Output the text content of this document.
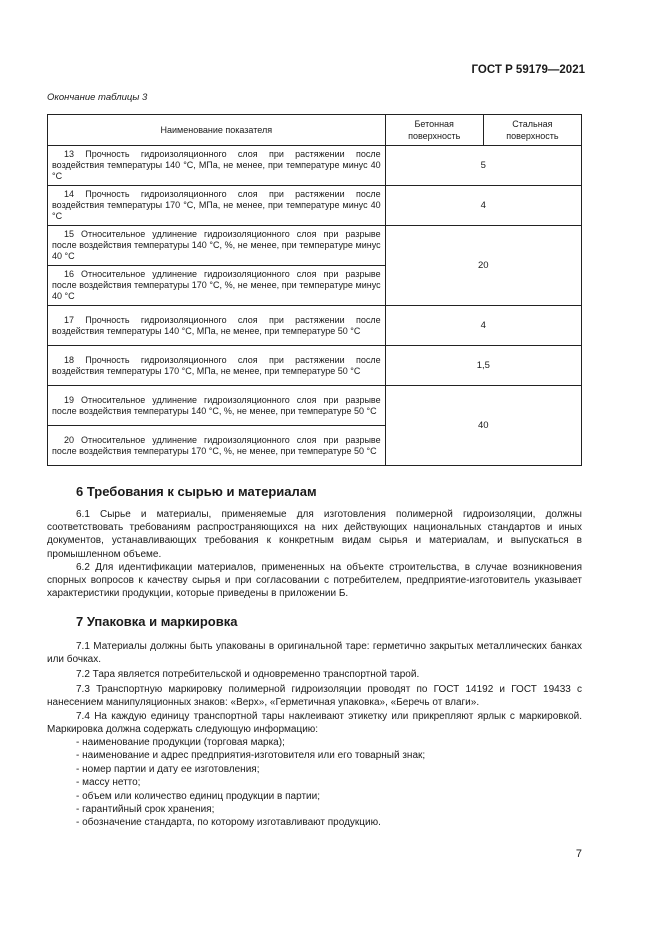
ГОСТ Р 59179—2021
Окончание таблицы 3
Наименование показателя	Бетонная поверхность	Стальная поверхность

13 Прочность гидроизоляционного слоя при растяжении после воздействия температуры 140 °С, МПа, не менее, при температуре минус 40 °С	5	

14 Прочность гидроизоляционного слоя при растяжении после воздействия температуры 170 °С, МПа, не менее, при температуре минус 40 °С	4	

15 Относительное удлинение гидроизоляционного слоя при разрыве после воздействия температуры 140 °С, %, не менее, при температуре минус 40 °С	20	

16 Относительное удлинение гидроизоляционного слоя при разрыве после воздействия температуры 170 °С, %, не менее, при температуре минус 40 °С		

17 Прочность гидроизоляционного слоя при растяжении после воздействия температуры 140 °С, МПа, не менее, при температуре 50 °С	4	

18 Прочность гидроизоляционного слоя при растяжении после воздействия температуры 170 °С, МПа, не менее, при температуре 50 °С	1,5	

19 Относительное удлинение гидроизоляционного слоя при разрыве после воздействия температуры 140 °С, %, не менее, при температуре 50 °С	40	

20 Относительное удлинение гидроизоляционного слоя при разрыве после воздействия температуры 170 °С, %, не менее, при температуре 50 °С		
6 Требования к сырью и материалам

6.1 Сырье и материалы, применяемые для изготовления полимерной гидроизоляции, должны соответствовать требованиям распространяющихся на них действующих национальных стандартов и иных документов, устанавливающих требования к конкретным видам сырья и материалам, и выпускаться в промышленном объеме.

6.2 Для идентификации материалов, примененных на объекте строительства, в случае возникновения спорных вопросов к качеству сырья и при согласовании с потребителем, предприятие-изготовитель указывает характеристики продукции, которые приведены в приложении Б.

7 Упаковка и маркировка

7.1 Материалы должны быть упакованы в оригинальной таре: герметично закрытых металлических банках или бочках.

7.2 Тара является потребительской и одновременно транспортной тарой.

7.3 Транспортную маркировку полимерной гидроизоляции проводят по ГОСТ 14192 и ГОСТ 19433 с нанесением манипуляционных знаков: «Верх», «Герметичная упаковка», «Беречь от влаги».

7.4 На каждую единицу транспортной тары наклеивают этикетку или прикрепляют ярлык с маркировкой. Маркировка должна содержать следующую информацию:

- наименование продукции (торговая марка);
- наименование и адрес предприятия-изготовителя или его товарный знак;
- номер партии и дату ее изготовления;
- массу нетто;
- объем или количество единиц продукции в партии;
- гарантийный срок хранения;
- обозначение стандарта, по которому изготавливают продукцию.
7
